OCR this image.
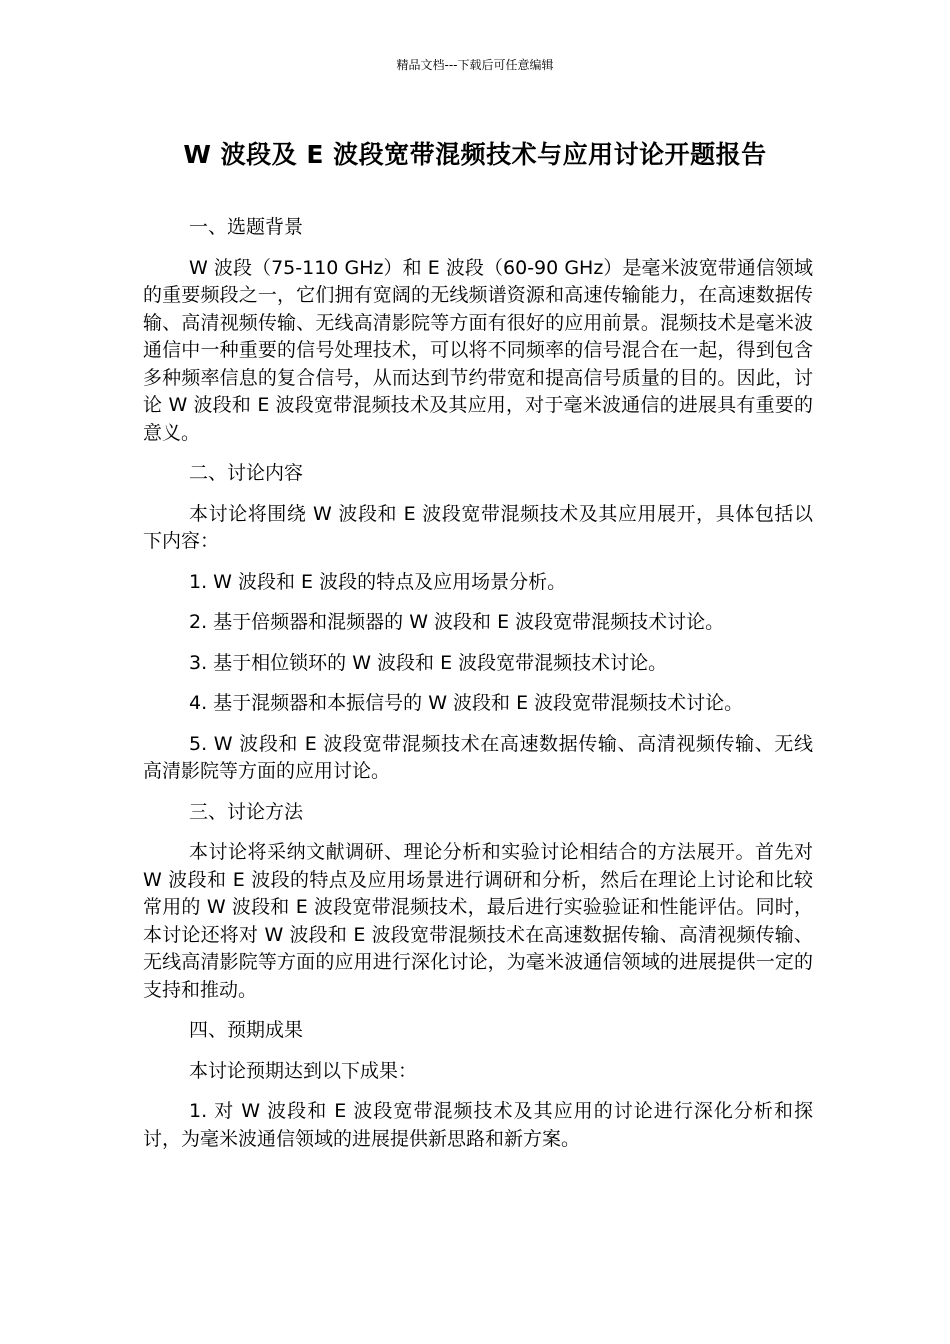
精品文档---下载后可任意编辑
W 波段及 E 波段宽带混频技术与应用讨论开题报告

一、选题背景

W 波段（75-110 GHz）和 E 波段（60-90 GHz）是毫米波宽带通信领域的重要频段之一，它们拥有宽阔的无线频谱资源和高速传输能力，在高速数据传输、高清视频传输、无线高清影院等方面有很好的应用前景。混频技术是毫米波通信中一种重要的信号处理技术，可以将不同频率的信号混合在一起，得到包含多种频率信息的复合信号，从而达到节约带宽和提高信号质量的目的。因此，讨论 W 波段和 E 波段宽带混频技术及其应用，对于毫米波通信的进展具有重要的意义。

二、讨论内容

本讨论将围绕 W 波段和 E 波段宽带混频技术及其应用展开，具体包括以下内容：

1. W 波段和 E 波段的特点及应用场景分析。

2. 基于倍频器和混频器的 W 波段和 E 波段宽带混频技术讨论。

3. 基于相位锁环的 W 波段和 E 波段宽带混频技术讨论。

4. 基于混频器和本振信号的 W 波段和 E 波段宽带混频技术讨论。

5. W 波段和 E 波段宽带混频技术在高速数据传输、高清视频传输、无线高清影院等方面的应用讨论。

三、讨论方法

本讨论将采纳文献调研、理论分析和实验讨论相结合的方法展开。首先对 W 波段和 E 波段的特点及应用场景进行调研和分析，然后在理论上讨论和比较常用的 W 波段和 E 波段宽带混频技术，最后进行实验验证和性能评估。同时，本讨论还将对 W 波段和 E 波段宽带混频技术在高速数据传输、高清视频传输、无线高清影院等方面的应用进行深化讨论，为毫米波通信领域的进展提供一定的支持和推动。

四、预期成果

本讨论预期达到以下成果：

1. 对 W 波段和 E 波段宽带混频技术及其应用的讨论进行深化分析和探讨，为毫米波通信领域的进展提供新思路和新方案。
